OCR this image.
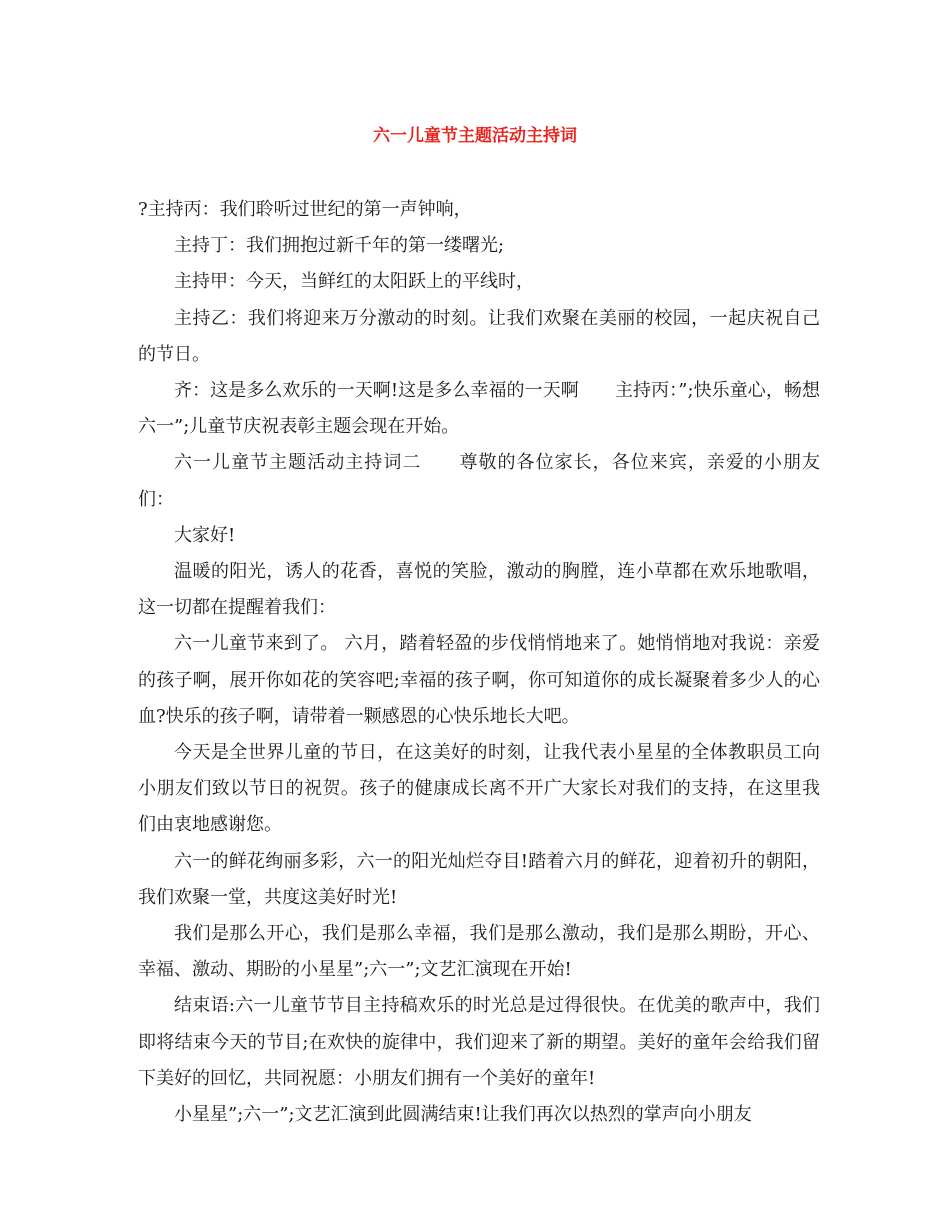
六一儿童节主题活动主持词

?主持丙：我们聆听过世纪的第一声钟响，

主持丁：我们拥抱过新千年的第一缕曙光;

主持甲：今天，当鲜红的太阳跃上的平线时，

主持乙：我们将迎来万分激动的时刻。让我们欢聚在美丽的校园，一起庆祝自己的节日。

齐：这是多么欢乐的一天啊!这是多么幸福的一天啊　　主持丙：”;快乐童心，畅想六一”;儿童节庆祝表彰主题会现在开始。

六一儿童节主题活动主持词二　　尊敬的各位家长，各位来宾，亲爱的小朋友们：

大家好!

温暖的阳光，诱人的花香，喜悦的笑脸，激动的胸膛，连小草都在欢乐地歌唱，这一切都在提醒着我们：

六一儿童节来到了。 六月，踏着轻盈的步伐悄悄地来了。她悄悄地对我说：亲爱的孩子啊，展开你如花的笑容吧;幸福的孩子啊，你可知道你的成长凝聚着多少人的心血?快乐的孩子啊，请带着一颗感恩的心快乐地长大吧。

今天是全世界儿童的节日，在这美好的时刻，让我代表小星星的全体教职员工向小朋友们致以节日的祝贺。孩子的健康成长离不开广大家长对我们的支持，在这里我们由衷地感谢您。

六一的鲜花绚丽多彩，六一的阳光灿烂夺目!踏着六月的鲜花，迎着初升的朝阳，我们欢聚一堂，共度这美好时光!

我们是那么开心，我们是那么幸福，我们是那么激动，我们是那么期盼，开心、幸福、激动、期盼的小星星”;六一”;文艺汇演现在开始!

结束语:六一儿童节节目主持稿欢乐的时光总是过得很快。在优美的歌声中，我们即将结束今天的节目;在欢快的旋律中，我们迎来了新的期望。美好的童年会给我们留下美好的回忆，共同祝愿：小朋友们拥有一个美好的童年!

小星星”;六一”;文艺汇演到此圆满结束!让我们再次以热烈的掌声向小朋友
